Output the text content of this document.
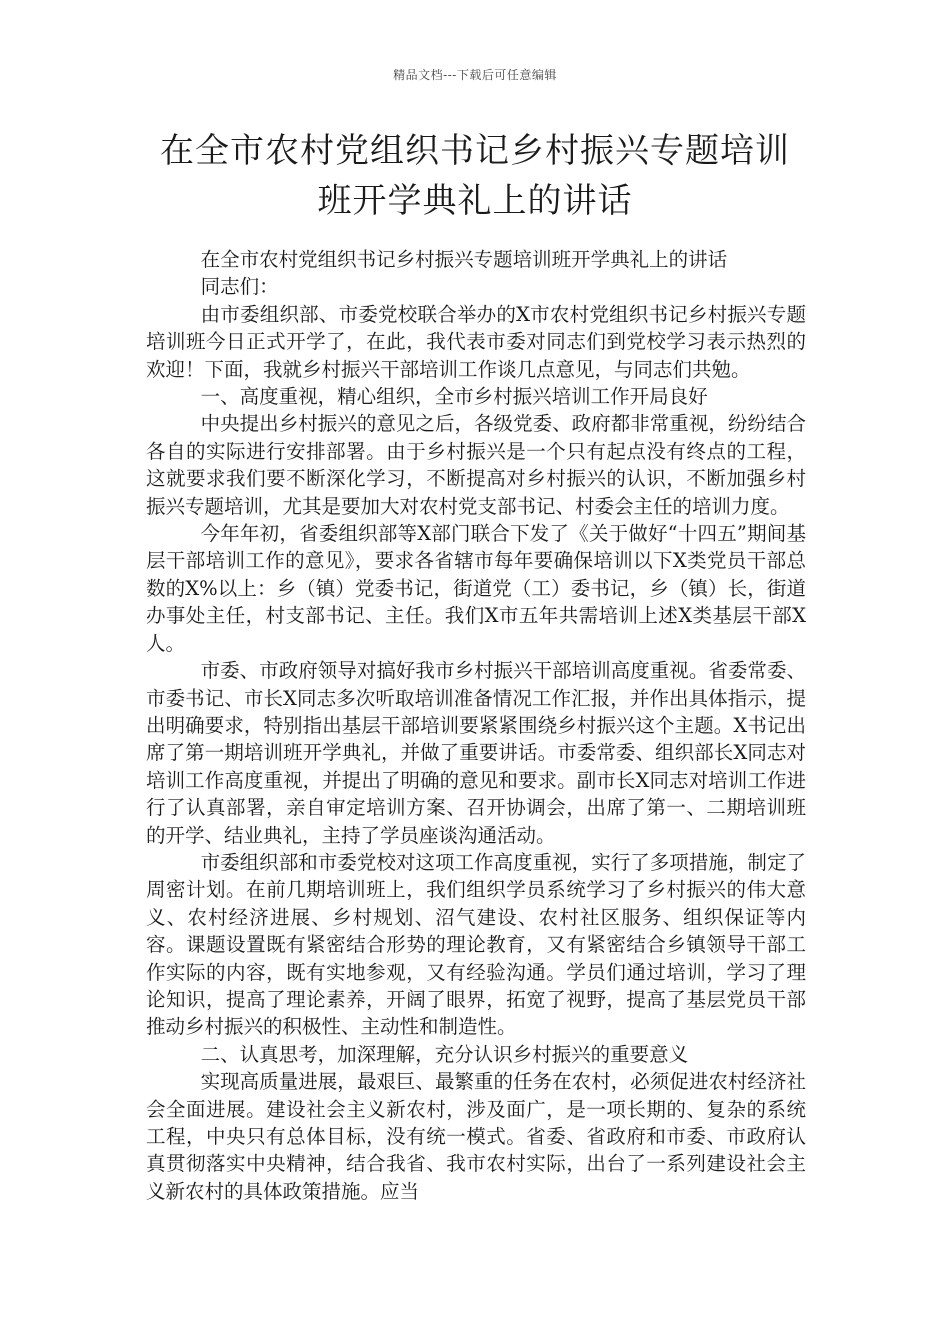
精品文档---下载后可任意编辑
在全市农村党组织书记乡村振兴专题培训
班开学典礼上的讲话

在全市农村党组织书记乡村振兴专题培训班开学典礼上的讲话

同志们：

由市委组织部、市委党校联合举办的X市农村党组织书记乡村振兴专题培训班今日正式开学了，在此，我代表市委对同志们到党校学习表示热烈的欢迎！下面，我就乡村振兴干部培训工作谈几点意见，与同志们共勉。

一、高度重视，精心组织，全市乡村振兴培训工作开局良好

中央提出乡村振兴的意见之后，各级党委、政府都非常重视，纷纷结合各自的实际进行安排部署。由于乡村振兴是一个只有起点没有终点的工程，这就要求我们要不断深化学习，不断提高对乡村振兴的认识，不断加强乡村振兴专题培训，尤其是要加大对农村党支部书记、村委会主任的培训力度。

今年年初，省委组织部等X部门联合下发了《关于做好“十四五”期间基层干部培训工作的意见》，要求各省辖市每年要确保培训以下X类党员干部总数的X%以上：乡（镇）党委书记，街道党（工）委书记，乡（镇）长，街道办事处主任，村支部书记、主任。我们X市五年共需培训上述X类基层干部X人。

市委、市政府领导对搞好我市乡村振兴干部培训高度重视。省委常委、市委书记、市长X同志多次听取培训准备情况工作汇报，并作出具体指示，提出明确要求，特别指出基层干部培训要紧紧围绕乡村振兴这个主题。X书记出席了第一期培训班开学典礼，并做了重要讲话。市委常委、组织部长X同志对培训工作高度重视，并提出了明确的意见和要求。副市长X同志对培训工作进行了认真部署，亲自审定培训方案、召开协调会，出席了第一、二期培训班的开学、结业典礼，主持了学员座谈沟通活动。

市委组织部和市委党校对这项工作高度重视，实行了多项措施，制定了周密计划。在前几期培训班上，我们组织学员系统学习了乡村振兴的伟大意义、农村经济进展、乡村规划、沼气建设、农村社区服务、组织保证等内容。课题设置既有紧密结合形势的理论教育，又有紧密结合乡镇领导干部工作实际的内容，既有实地参观，又有经验沟通。学员们通过培训，学习了理论知识，提高了理论素养，开阔了眼界，拓宽了视野，提高了基层党员干部推动乡村振兴的积极性、主动性和制造性。

二、认真思考，加深理解，充分认识乡村振兴的重要意义

实现高质量进展，最艰巨、最繁重的任务在农村，必须促进农村经济社会全面进展。建设社会主义新农村，涉及面广，是一项长期的、复杂的系统工程，中央只有总体目标，没有统一模式。省委、省政府和市委、市政府认真贯彻落实中央精神，结合我省、我市农村实际，出台了一系列建设社会主义新农村的具体政策措施。应当
